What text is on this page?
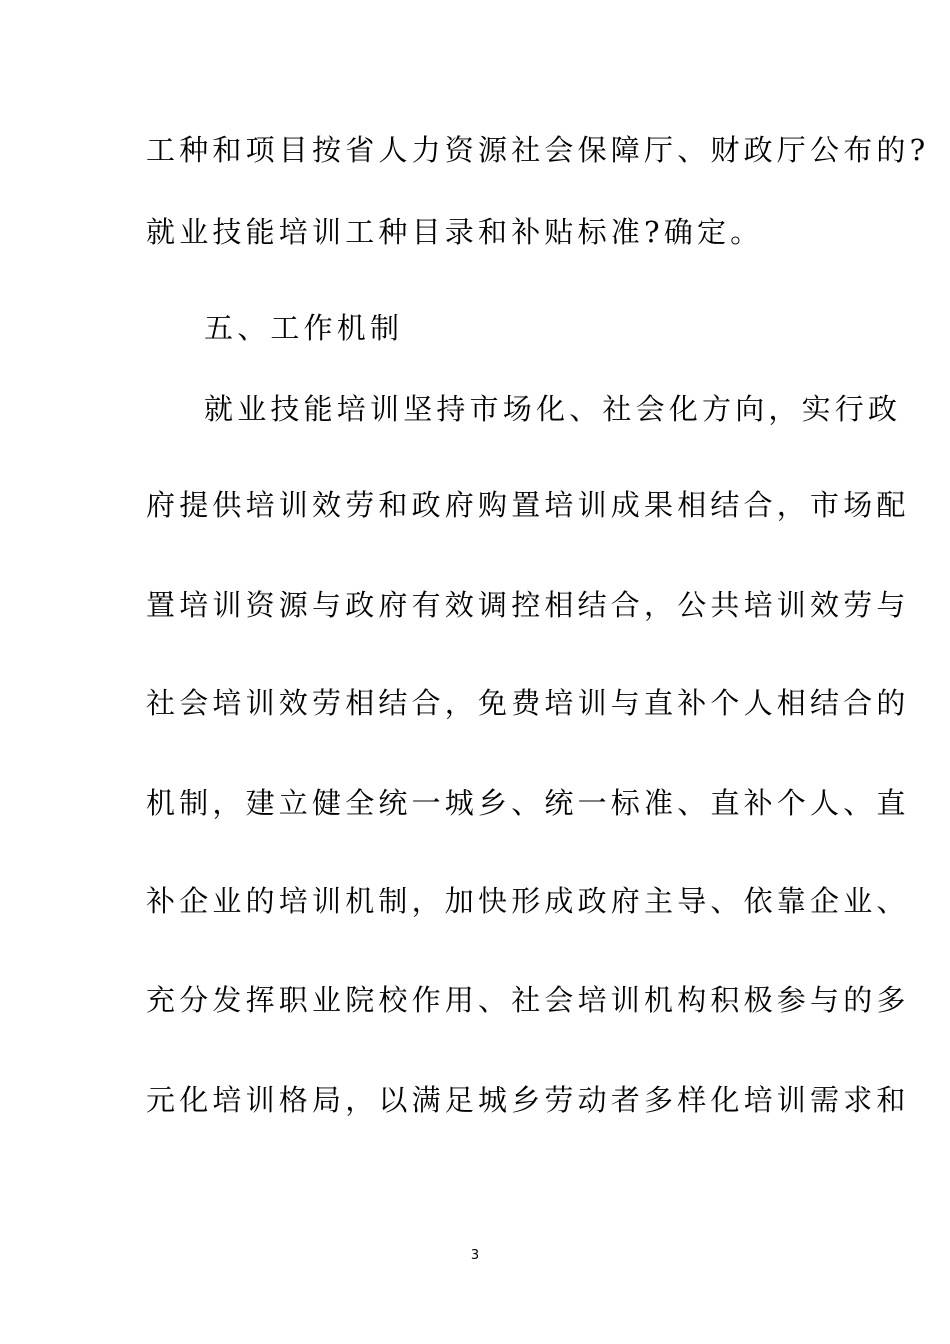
工种和项目按省人力资源社会保障厅、财政厅公布的?
就业技能培训工种目录和补贴标准?确定。
五、工作机制
就业技能培训坚持市场化、社会化方向，实行政
府提供培训效劳和政府购置培训成果相结合，市场配
置培训资源与政府有效调控相结合，公共培训效劳与
社会培训效劳相结合，免费培训与直补个人相结合的
机制，建立健全统一城乡、统一标准、直补个人、直
补企业的培训机制，加快形成政府主导、依靠企业、
充分发挥职业院校作用、社会培训机构积极参与的多
元化培训格局，以满足城乡劳动者多样化培训需求和
3
